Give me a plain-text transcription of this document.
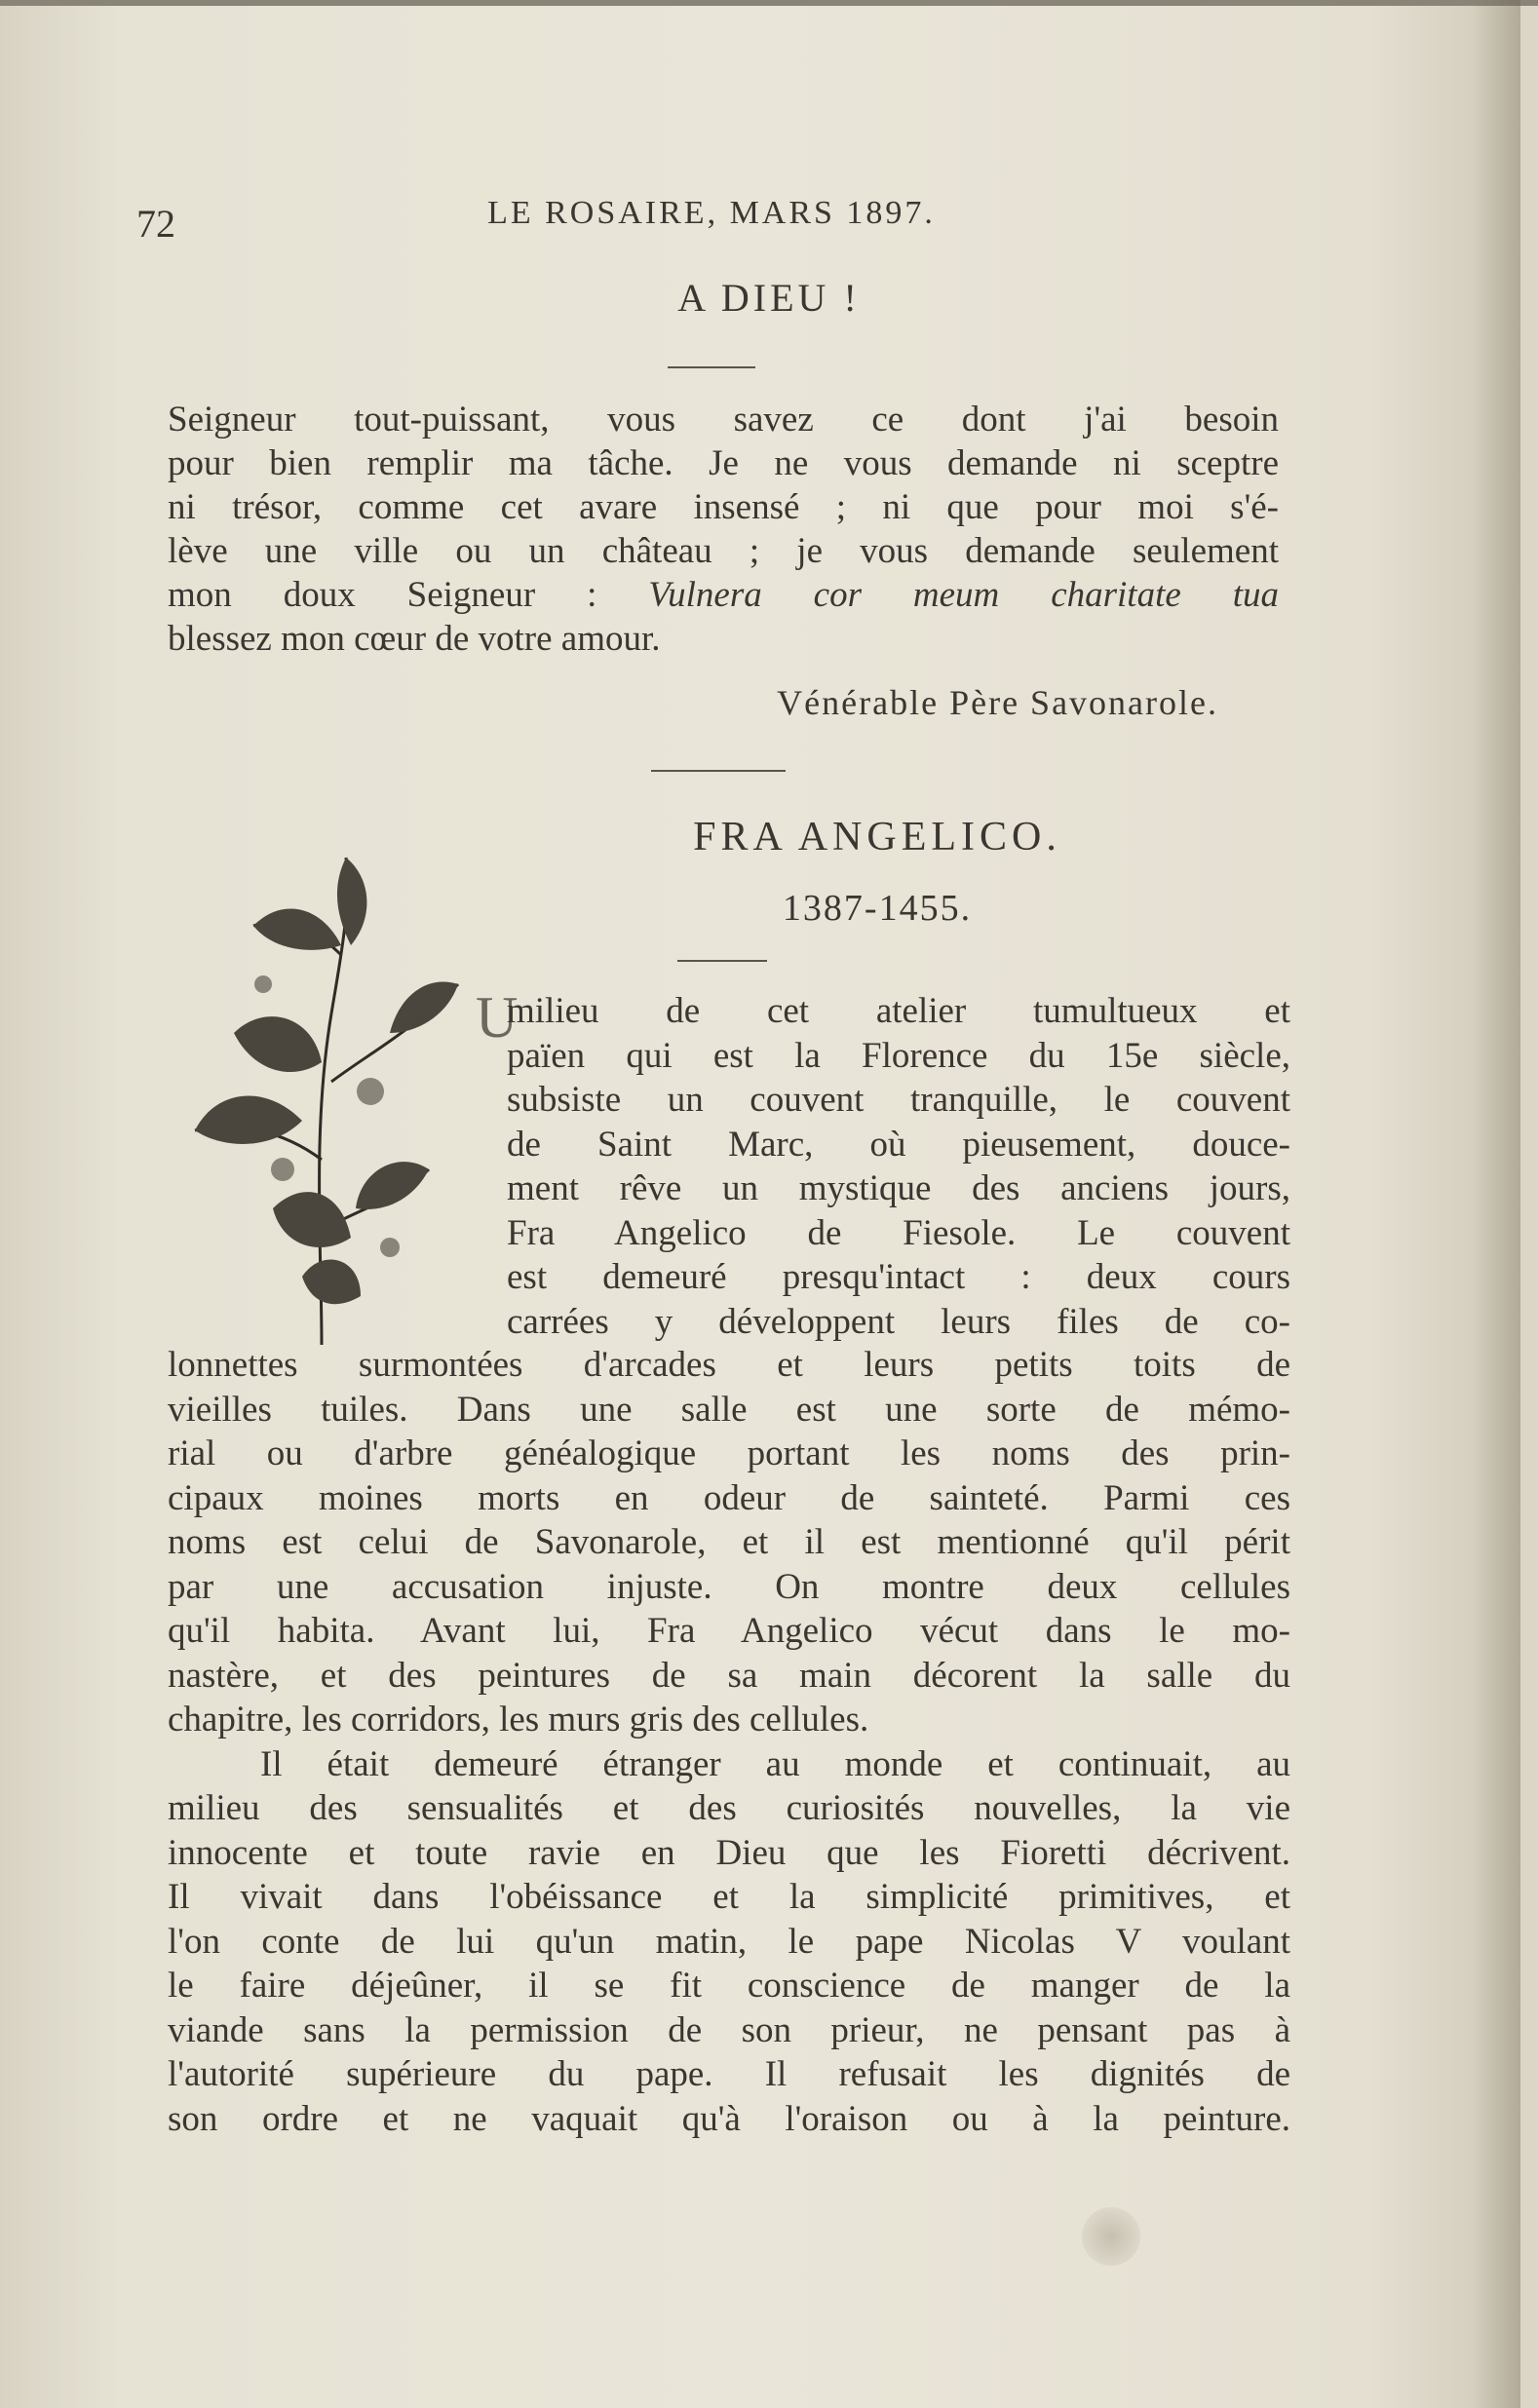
72	LE ROSAIRE, MARS 1897.
A DIEU !

Seigneur tout-puissant, vous savez ce dont j'ai besoin

pour bien remplir ma tâche. Je ne vous demande ni sceptre

ni trésor, comme cet avare insensé ; ni que pour moi s'é-

lève une ville ou un château ; je vous demande seulement

mon doux Seigneur : Vulnera cor meum charitate tua

blessez mon cœur de votre amour.

Vénérable Père Savonarole.
FRA ANGELICO.
1387-1455.
U
milieu de cet atelier tumultueux et
païen qui est la Florence du 15e siècle,
subsiste un couvent tranquille, le couvent
de Saint Marc, où pieusement, douce-
ment rêve un mystique des anciens jours,
Fra Angelico de Fiesole. Le couvent
est demeuré presqu'intact : deux cours
carrées y développent leurs files de co-
lonnettes surmontées d'arcades et leurs petits toits de
vieilles tuiles. Dans une salle est une sorte de mémo-
rial ou d'arbre généalogique portant les noms des prin-
cipaux moines morts en odeur de sainteté. Parmi ces
noms est celui de Savonarole, et il est mentionné qu'il périt
par une accusation injuste. On montre deux cellules
qu'il habita. Avant lui, Fra Angelico vécut dans le mo-
nastère, et des peintures de sa main décorent la salle du
chapitre, les corridors, les murs gris des cellules.
Il était demeuré étranger au monde et continuait, au
milieu des sensualités et des curiosités nouvelles, la vie
innocente et toute ravie en Dieu que les Fioretti décrivent.
Il vivait dans l'obéissance et la simplicité primitives, et
l'on conte de lui qu'un matin, le pape Nicolas V voulant
le faire déjeûner, il se fit conscience de manger de la
viande sans la permission de son prieur, ne pensant pas à
l'autorité supérieure du pape. Il refusait les dignités de
son ordre et ne vaquait qu'à l'oraison ou à la peinture.
